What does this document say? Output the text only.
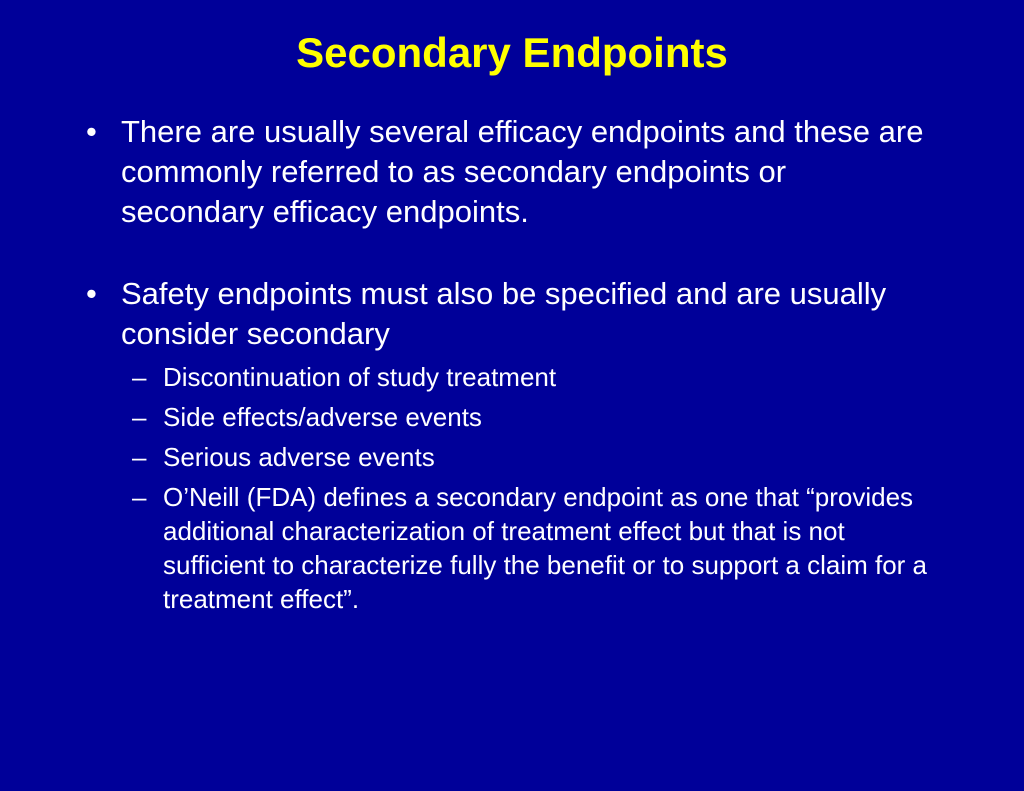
Secondary Endpoints
• There are usually several efficacy endpoints and these are commonly referred to as secondary endpoints or secondary efficacy endpoints.
• Safety endpoints must also be specified and are usually consider secondary
– Discontinuation of study treatment
– Side effects/adverse events
– Serious adverse events
– O’Neill (FDA) defines a secondary endpoint as one that “provides additional characterization of treatment effect but that is not sufficient to characterize fully the benefit or to support a claim for a treatment effect”.
